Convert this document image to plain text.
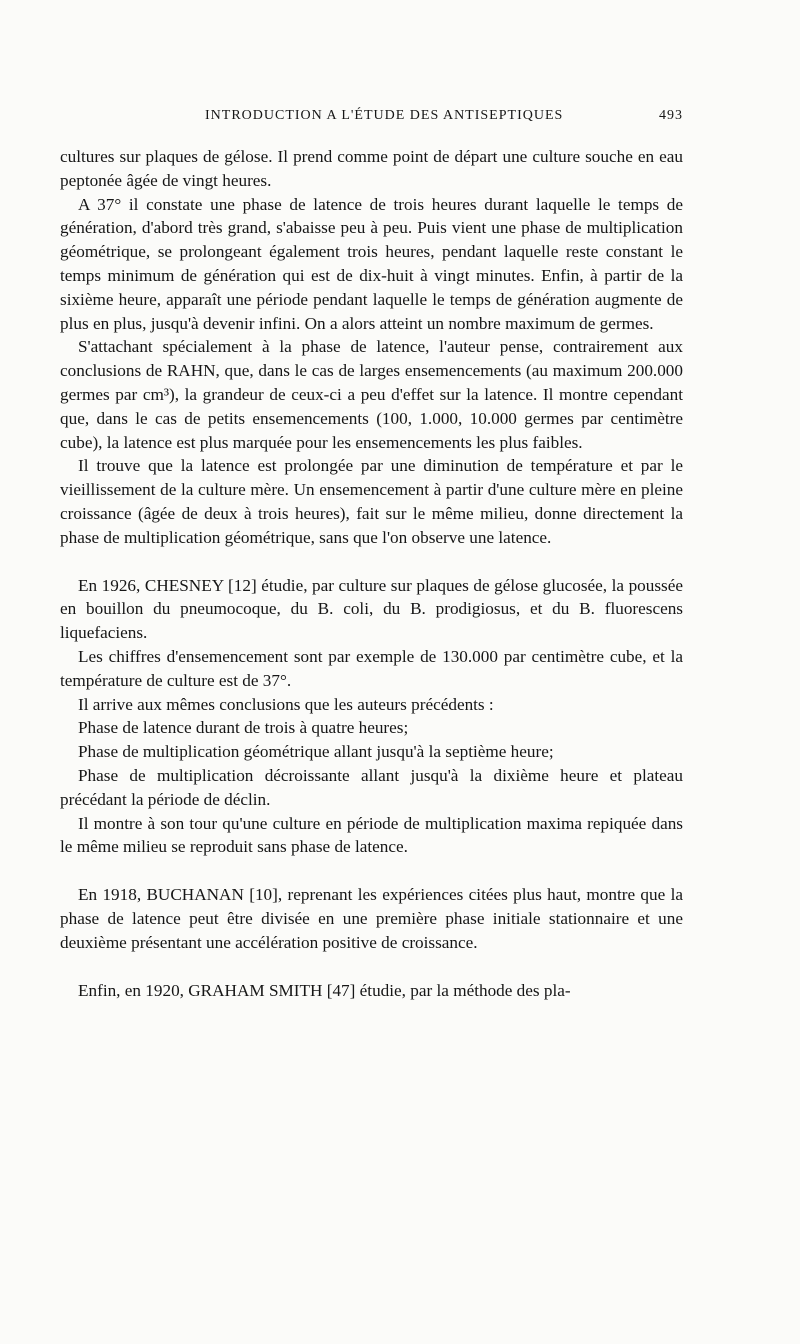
INTRODUCTION A L'ÉTUDE DES ANTISEPTIQUES	493

cultures sur plaques de gélose. Il prend comme point de départ une culture souche en eau peptonée âgée de vingt heures.

A 37° il constate une phase de latence de trois heures durant laquelle le temps de génération, d'abord très grand, s'abaisse peu à peu. Puis vient une phase de multiplication géométrique, se prolongeant également trois heures, pendant laquelle reste constant le temps minimum de génération qui est de dix-huit à vingt minutes. Enfin, à partir de la sixième heure, apparaît une période pendant laquelle le temps de génération augmente de plus en plus, jusqu'à devenir infini. On a alors atteint un nombre maximum de germes.

S'attachant spécialement à la phase de latence, l'auteur pense, contrairement aux conclusions de RAHN, que, dans le cas de larges ensemencements (au maximum 200.000 germes par cm³), la grandeur de ceux-ci a peu d'effet sur la latence. Il montre cependant que, dans le cas de petits ensemencements (100, 1.000, 10.000 germes par centimètre cube), la latence est plus marquée pour les ensemencements les plus faibles.

Il trouve que la latence est prolongée par une diminution de température et par le vieillissement de la culture mère. Un ensemencement à partir d'une culture mère en pleine croissance (âgée de deux à trois heures), fait sur le même milieu, donne directement la phase de multiplication géométrique, sans que l'on observe une latence.

En 1926, CHESNEY [12] étudie, par culture sur plaques de gélose glucosée, la poussée en bouillon du pneumocoque, du B. coli, du B. prodigiosus, et du B. fluorescens liquefaciens.

Les chiffres d'ensemencement sont par exemple de 130.000 par centimètre cube, et la température de culture est de 37°.

Il arrive aux mêmes conclusions que les auteurs précédents :

Phase de latence durant de trois à quatre heures;

Phase de multiplication géométrique allant jusqu'à la septième heure;

Phase de multiplication décroissante allant jusqu'à la dixième heure et plateau précédant la période de déclin.

Il montre à son tour qu'une culture en période de multiplication maxima repiquée dans le même milieu se reproduit sans phase de latence.

En 1918, BUCHANAN [10], reprenant les expériences citées plus haut, montre que la phase de latence peut être divisée en une première phase initiale stationnaire et une deuxième présentant une accélération positive de croissance.

Enfin, en 1920, GRAHAM SMITH [47] étudie, par la méthode des pla-
